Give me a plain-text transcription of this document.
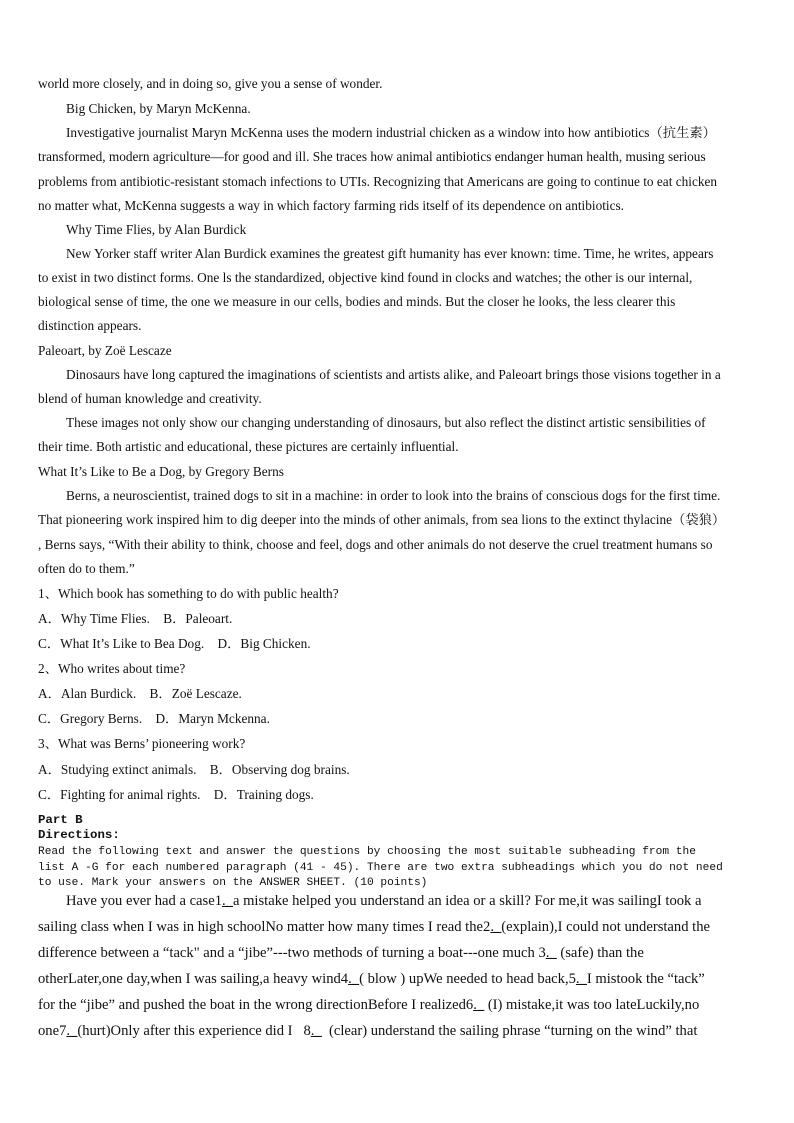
world more closely, and in doing so, give you a sense of wonder.
Big Chicken, by Maryn McKenna.
Investigative journalist Maryn McKenna uses the modern industrial chicken as a window into how antibiotics（抗生素）
transformed, modern agriculture—for good and ill. She traces how animal antibiotics endanger human health, musing serious
problems from antibiotic-resistant stomach infections to UTIs. Recognizing that Americans are going to continue to eat chicken
no matter what, McKenna suggests a way in which factory farming rids itself of its dependence on antibiotics.
Why Time Flies, by Alan Burdick
New Yorker staff writer Alan Burdick examines the greatest gift humanity has ever known: time. Time, he writes, appears
to exist in two distinct forms. One ls the standardized, objective kind found in clocks and watches; the other is our internal,
biological sense of time, the one we measure in our cells, bodies and minds. But the closer he looks, the less clearer this
distinction appears.
Paleoart, by Zoë Lescaze
Dinosaurs have long captured the imaginations of scientists and artists alike, and Paleoart brings those visions together in a
blend of human knowledge and creativity.
These images not only show our changing understanding of dinosaurs, but also reflect the distinct artistic sensibilities of
their time. Both artistic and educational, these pictures are certainly influential.
What It’s Like to Be a Dog, by Gregory Berns
Berns, a neuroscientist, trained dogs to sit in a machine: in order to look into the brains of conscious dogs for the first time.
That pioneering work inspired him to dig deeper into the minds of other animals, from sea lions to the extinct thylacine（袋狼）
, Berns says, “With their ability to think, choose and feel, dogs and other animals do not deserve the cruel treatment humans so
often do to them.”
1、Which book has something to do with public health?
A．Why Time Flies.    B．Paleoart.
C．What It’s Like to Bea Dog.    D．Big Chicken.
2、Who writes about time?
A．Alan Burdick.    B．Zoë Lescaze.
C．Gregory Berns.    D．Maryn Mckenna.
3、What was Berns’ pioneering work?
A．Studying extinct animals.    B．Observing dog brains.
C．Fighting for animal rights.    D．Training dogs.
Part B
Directions:
Read the following text and answer the questions by choosing the most suitable subheading from the
list A -G for each numbered paragraph (41 - 45). There are two extra subheadings which you do not need
to use. Mark your answers on the ANSWER SHEET. (10 points)
Have you ever had a case1._a mistake helped you understand an idea or a skill? For me,it was sailingI took a
sailing class when I was in high schoolNo matter how many times I read the2._(explain),I could not understand the
difference between a “tack" and a “jibe”---two methods of turning a boat---one much 3._ (safe) than the
otherLater,one day,when I was sailing,a heavy wind4._( blow ) upWe needed to head back,5._I mistook the “tack”
for the “jibe” and pushed the boat in the wrong directionBefore I realized6._ (I) mistake,it was too lateLuckily,no
one7._(hurt)Only after this experience did I   8._  (clear) understand the sailing phrase “turning on the wind” that
